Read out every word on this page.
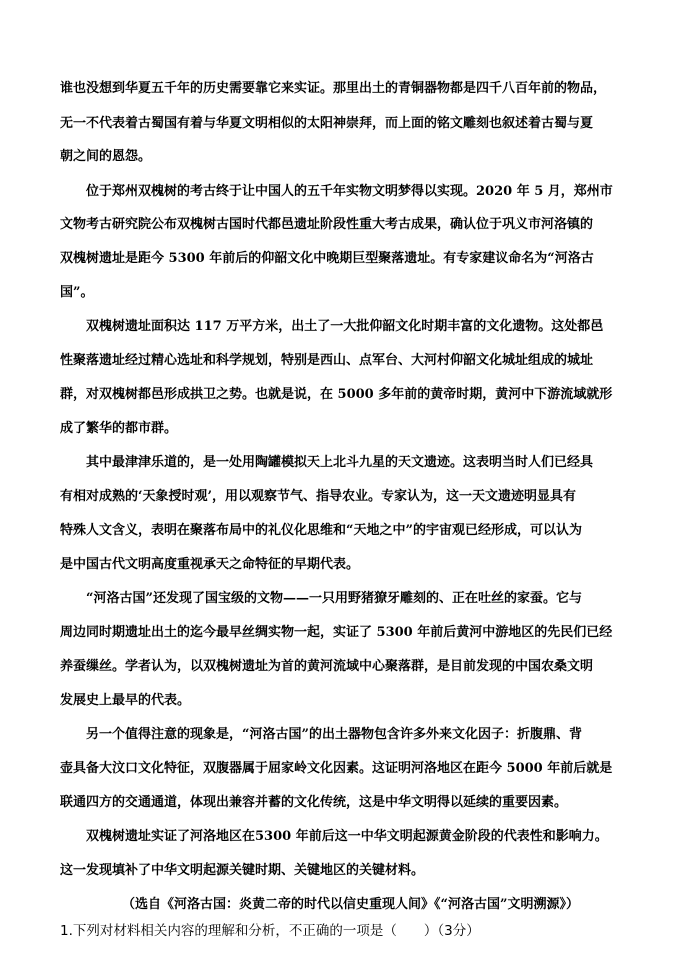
谁也没想到华夏五千年的历史需要靠它来实证。那里出土的青铜器物都是四千八百年前的物品，
无一不代表着古蜀国有着与华夏文明相似的太阳神崇拜，而上面的铭文雕刻也叙述着古蜀与夏
朝之间的恩怨。
位于郑州双槐树的考古终于让中国人的五千年实物文明梦得以实现。2020 年 5 月，郑州市
文物考古研究院公布双槐树古国时代都邑遗址阶段性重大考古成果，确认位于巩义市河洛镇的
双槐树遗址是距今 5300 年前后的仰韶文化中晚期巨型聚落遗址。有专家建议命名为“河洛古
国”。
双槐树遗址面积达 117 万平方米，出土了一大批仰韶文化时期丰富的文化遗物。这处都邑
性聚落遗址经过精心选址和科学规划，特别是西山、点军台、大河村仰韶文化城址组成的城址
群，对双槐树都邑形成拱卫之势。也就是说，在 5000 多年前的黄帝时期，黄河中下游流域就形
成了繁华的都市群。
其中最津津乐道的，是一处用陶罐模拟天上北斗九星的天文遗迹。这表明当时人们已经具
有相对成熟的‘天象授时观’，用以观察节气、指导农业。专家认为，这一天文遗迹明显具有
特殊人文含义，表明在聚落布局中的礼仪化思维和“天地之中”的宇宙观已经形成，可以认为
是中国古代文明高度重视承天之命特征的早期代表。
“河洛古国”还发现了国宝级的文物——一只用野猪獠牙雕刻的、正在吐丝的家蚕。它与
周边同时期遗址出土的迄今最早丝绸实物一起，实证了 5300 年前后黄河中游地区的先民们已经
养蚕缫丝。学者认为，以双槐树遗址为首的黄河流域中心聚落群，是目前发现的中国农桑文明
发展史上最早的代表。
另一个值得注意的现象是，“河洛古国”的出土器物包含许多外来文化因子：折腹鼎、背
壶具备大汶口文化特征，双腹器属于屈家岭文化因素。这证明河洛地区在距今 5000 年前后就是
联通四方的交通通道，体现出兼容并蓄的文化传统，这是中华文明得以延续的重要因素。
双槐树遗址实证了河洛地区在5300 年前后这一中华文明起源黄金阶段的代表性和影响力。
这一发现填补了中华文明起源关键时期、关键地区的关键材料。
（选自《河洛古国：炎黄二帝的时代以信史重现人间》《“河洛古国”文明溯源》）
1.下列对材料相关内容的理解和分析，不正确的一项是（　　）（3分）
